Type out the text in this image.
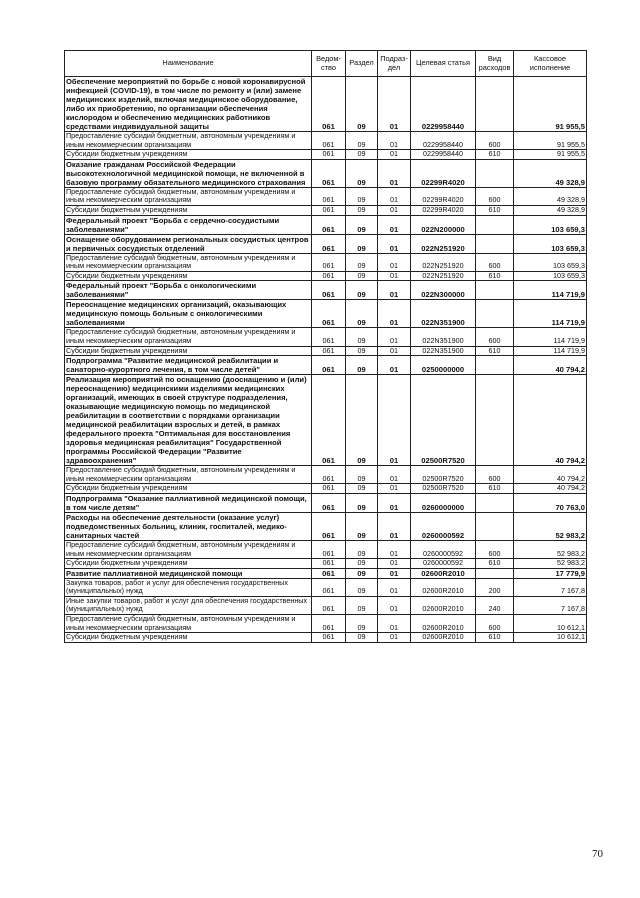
Наименование	Ведом-ство	Раздел	Подраз-дел	Целевая статья	Вид расходов	Кассовое исполнение
Обеспечение мероприятий по борьбе с новой коронавирусной инфекцией (COVID-19), в том числе по ремонту и (или) замене медицинских изделий, включая медицинское оборудование, либо их приобретению, по организации обеспечения кислородом и обеспечению медицинских работников средствами индивидуальной защиты	061	09	01	0229958440		91 955,5
Предоставление субсидий бюджетным, автономным учреждениям и иным некоммерческим организациям	061	09	01	0229958440	600	91 955,5
Субсидии бюджетным учреждениям	061	09	01	0229958440	610	91 955,5
Оказание гражданам Российской Федерации высокотехнологичной медицинской помощи, не включенной в базовую программу обязательного медицинского страхования	061	09	01	02299R4020		49 328,9
Предоставление субсидий бюджетным, автономным учреждениям и иным некоммерческим организациям	061	09	01	02299R4020	600	49 328,9
Субсидии бюджетным учреждениям	061	09	01	02299R4020	610	49 328,9
Федеральный проект "Борьба с сердечно-сосудистыми заболеваниями"	061	09	01	022N200000		103 659,3
Оснащение оборудованием региональных сосудистых центров и первичных сосудистых отделений	061	09	01	022N251920		103 659,3
Предоставление субсидий бюджетным, автономным учреждениям и иным некоммерческим организациям	061	09	01	022N251920	600	103 659,3
Субсидии бюджетным учреждениям	061	09	01	022N251920	610	103 659,3
Федеральный проект "Борьба с онкологическими заболеваниями"	061	09	01	022N300000		114 719,9
Переоснащение медицинских организаций, оказывающих медицинскую помощь больным с онкологическими заболеваниями	061	09	01	022N351900		114 719,9
Предоставление субсидий бюджетным, автономным учреждениям и иным некоммерческим организациям	061	09	01	022N351900	600	114 719,9
Субсидии бюджетным учреждениям	061	09	01	022N351900	610	114 719,9
Подпрограмма "Развитие медицинской реабилитации и санаторно-курортного лечения, в том числе детей"	061	09	01	0250000000		40 794,2
Реализация мероприятий по оснащению (дооснащению и (или) переоснащению) медицинскими изделиями медицинских организаций, имеющих в своей структуре подразделения, оказывающие медицинскую помощь по медицинской реабилитации в соответствии с порядками организации медицинской реабилитации взрослых и детей, в рамках федерального проекта "Оптимальная для восстановления здоровья медицинская реабилитация" Государственной программы Российской Федерации "Развитие здравоохранения"	061	09	01	02500R7520		40 794,2
Предоставление субсидий бюджетным, автономным учреждениям и иным некоммерческим организациям	061	09	01	02500R7520	600	40 794,2
Субсидии бюджетным учреждениям	061	09	01	02500R7520	610	40 794,2
Подпрограмма "Оказание паллиативной медицинской помощи, в том числе детям"	061	09	01	0260000000		70 763,0
Расходы на обеспечение деятельности (оказание услуг) подведомственных больниц, клиник, госпиталей, медико-санитарных частей	061	09	01	0260000592		52 983,2
Предоставление субсидий бюджетным, автономным учреждениям и иным некоммерческим организациям	061	09	01	0260000592	600	52 983,2
Субсидии бюджетным учреждениям	061	09	01	0260000592	610	52 983,2
Развитие паллиативной медицинской помощи	061	09	01	02600R2010		17 779,9
Закупка товаров, работ и услуг для обеспечения государственных (муниципальных) нужд	061	09	01	02600R2010	200	7 167,8
Иные закупки товаров, работ и услуг для обеспечения государственных (муниципальных) нужд	061	09	01	02600R2010	240	7 167,8
Предоставление субсидий бюджетным, автономным учреждениям и иным некоммерческим организациям	061	09	01	02600R2010	600	10 612,1
Субсидии бюджетным учреждениям	061	09	01	02600R2010	610	10 612,1
70
